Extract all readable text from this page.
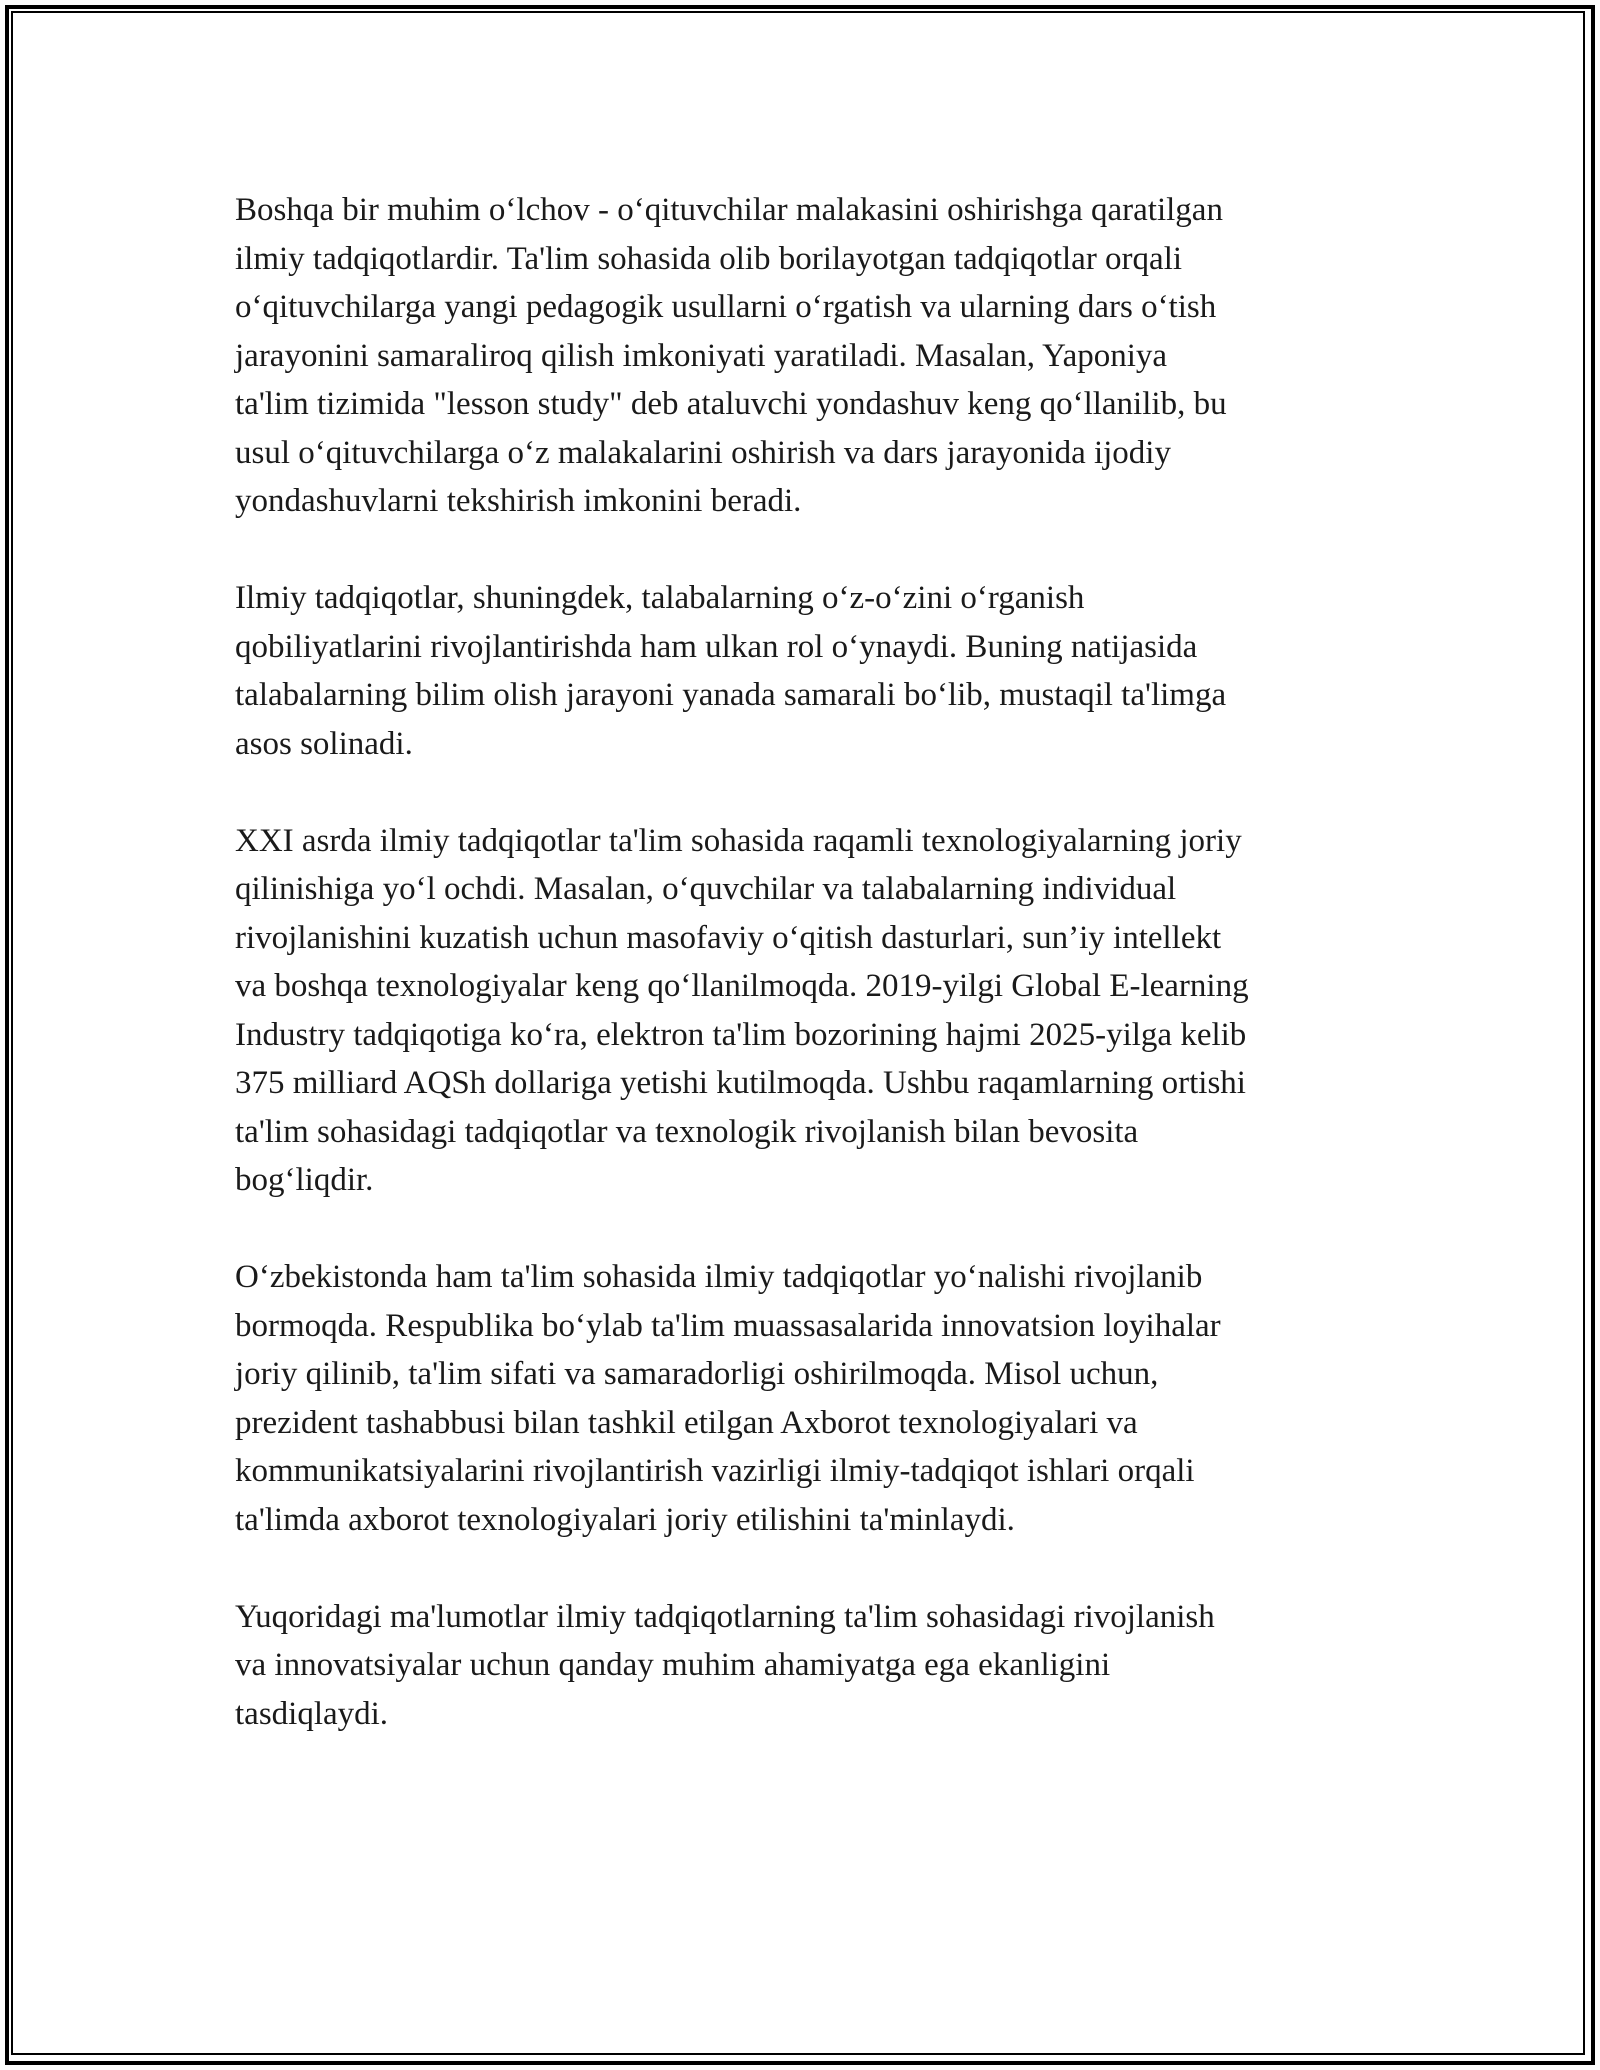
Boshqa bir muhim o‘lchov - o‘qituvchilar malakasini oshirishga qaratilgan
ilmiy tadqiqotlardir. Ta'lim sohasida olib borilayotgan tadqiqotlar orqali
o‘qituvchilarga yangi pedagogik usullarni o‘rgatish va ularning dars o‘tish
jarayonini samaraliroq qilish imkoniyati yaratiladi. Masalan, Yaponiya
ta'lim tizimida "lesson study" deb ataluvchi yondashuv keng qo‘llanilib, bu
usul o‘qituvchilarga o‘z malakalarini oshirish va dars jarayonida ijodiy
yondashuvlarni tekshirish imkonini beradi.

Ilmiy tadqiqotlar, shuningdek, talabalarning o‘z-o‘zini o‘rganish
qobiliyatlarini rivojlantirishda ham ulkan rol o‘ynaydi. Buning natijasida
talabalarning bilim olish jarayoni yanada samarali bo‘lib, mustaqil ta'limga
asos solinadi.

XXI asrda ilmiy tadqiqotlar ta'lim sohasida raqamli texnologiyalarning joriy
qilinishiga yo‘l ochdi. Masalan, o‘quvchilar va talabalarning individual
rivojlanishini kuzatish uchun masofaviy o‘qitish dasturlari, sun’iy intellekt
va boshqa texnologiyalar keng qo‘llanilmoqda. 2019-yilgi Global E-learning
Industry tadqiqotiga ko‘ra, elektron ta'lim bozorining hajmi 2025-yilga kelib
375 milliard AQSh dollariga yetishi kutilmoqda. Ushbu raqamlarning ortishi
ta'lim sohasidagi tadqiqotlar va texnologik rivojlanish bilan bevosita
bog‘liqdir.

O‘zbekistonda ham ta'lim sohasida ilmiy tadqiqotlar yo‘nalishi rivojlanib
bormoqda. Respublika bo‘ylab ta'lim muassasalarida innovatsion loyihalar
joriy qilinib, ta'lim sifati va samaradorligi oshirilmoqda. Misol uchun,
prezident tashabbusi bilan tashkil etilgan Axborot texnologiyalari va
kommunikatsiyalarini rivojlantirish vazirligi ilmiy-tadqiqot ishlari orqali
ta'limda axborot texnologiyalari joriy etilishini ta'minlaydi.

Yuqoridagi ma'lumotlar ilmiy tadqiqotlarning ta'lim sohasidagi rivojlanish
va innovatsiyalar uchun qanday muhim ahamiyatga ega ekanligini
tasdiqlaydi.
